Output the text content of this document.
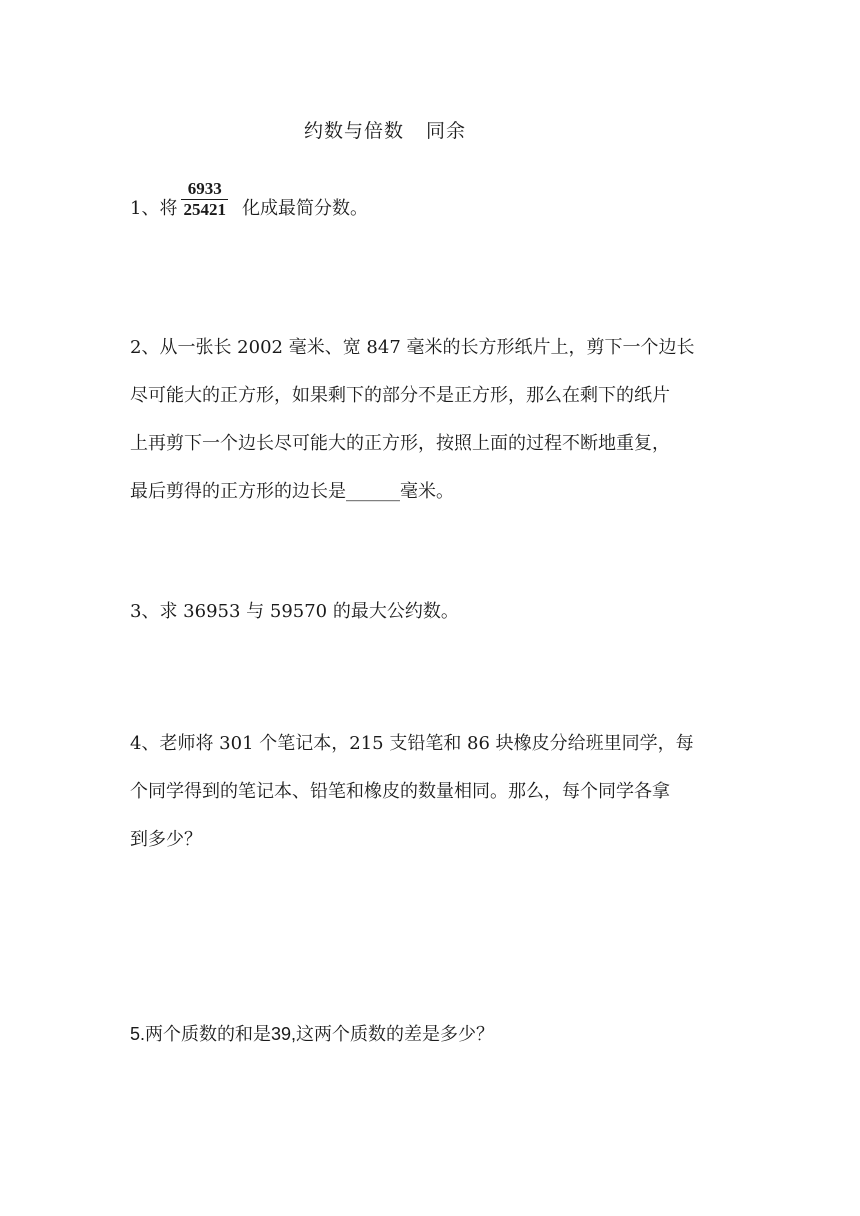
约数与倍数 同余
1、将 $\frac{6933}{25421}$ 化成最简分数。
2、从一张长 2002 毫米、宽 847 毫米的长方形纸片上，剪下一个边长
尽可能大的正方形，如果剩下的部分不是正方形，那么在剩下的纸片
上再剪下一个边长尽可能大的正方形，按照上面的过程不断地重复，
最后剪得的正方形的边长是______毫米。
3、求 36953 与 59570 的最大公约数。
4、老师将 301 个笔记本，215 支铅笔和 86 块橡皮分给班里同学，每
个同学得到的笔记本、铅笔和橡皮的数量相同。那么，每个同学各拿
到多少？
5.两个质数的和是39,这两个质数的差是多少？
